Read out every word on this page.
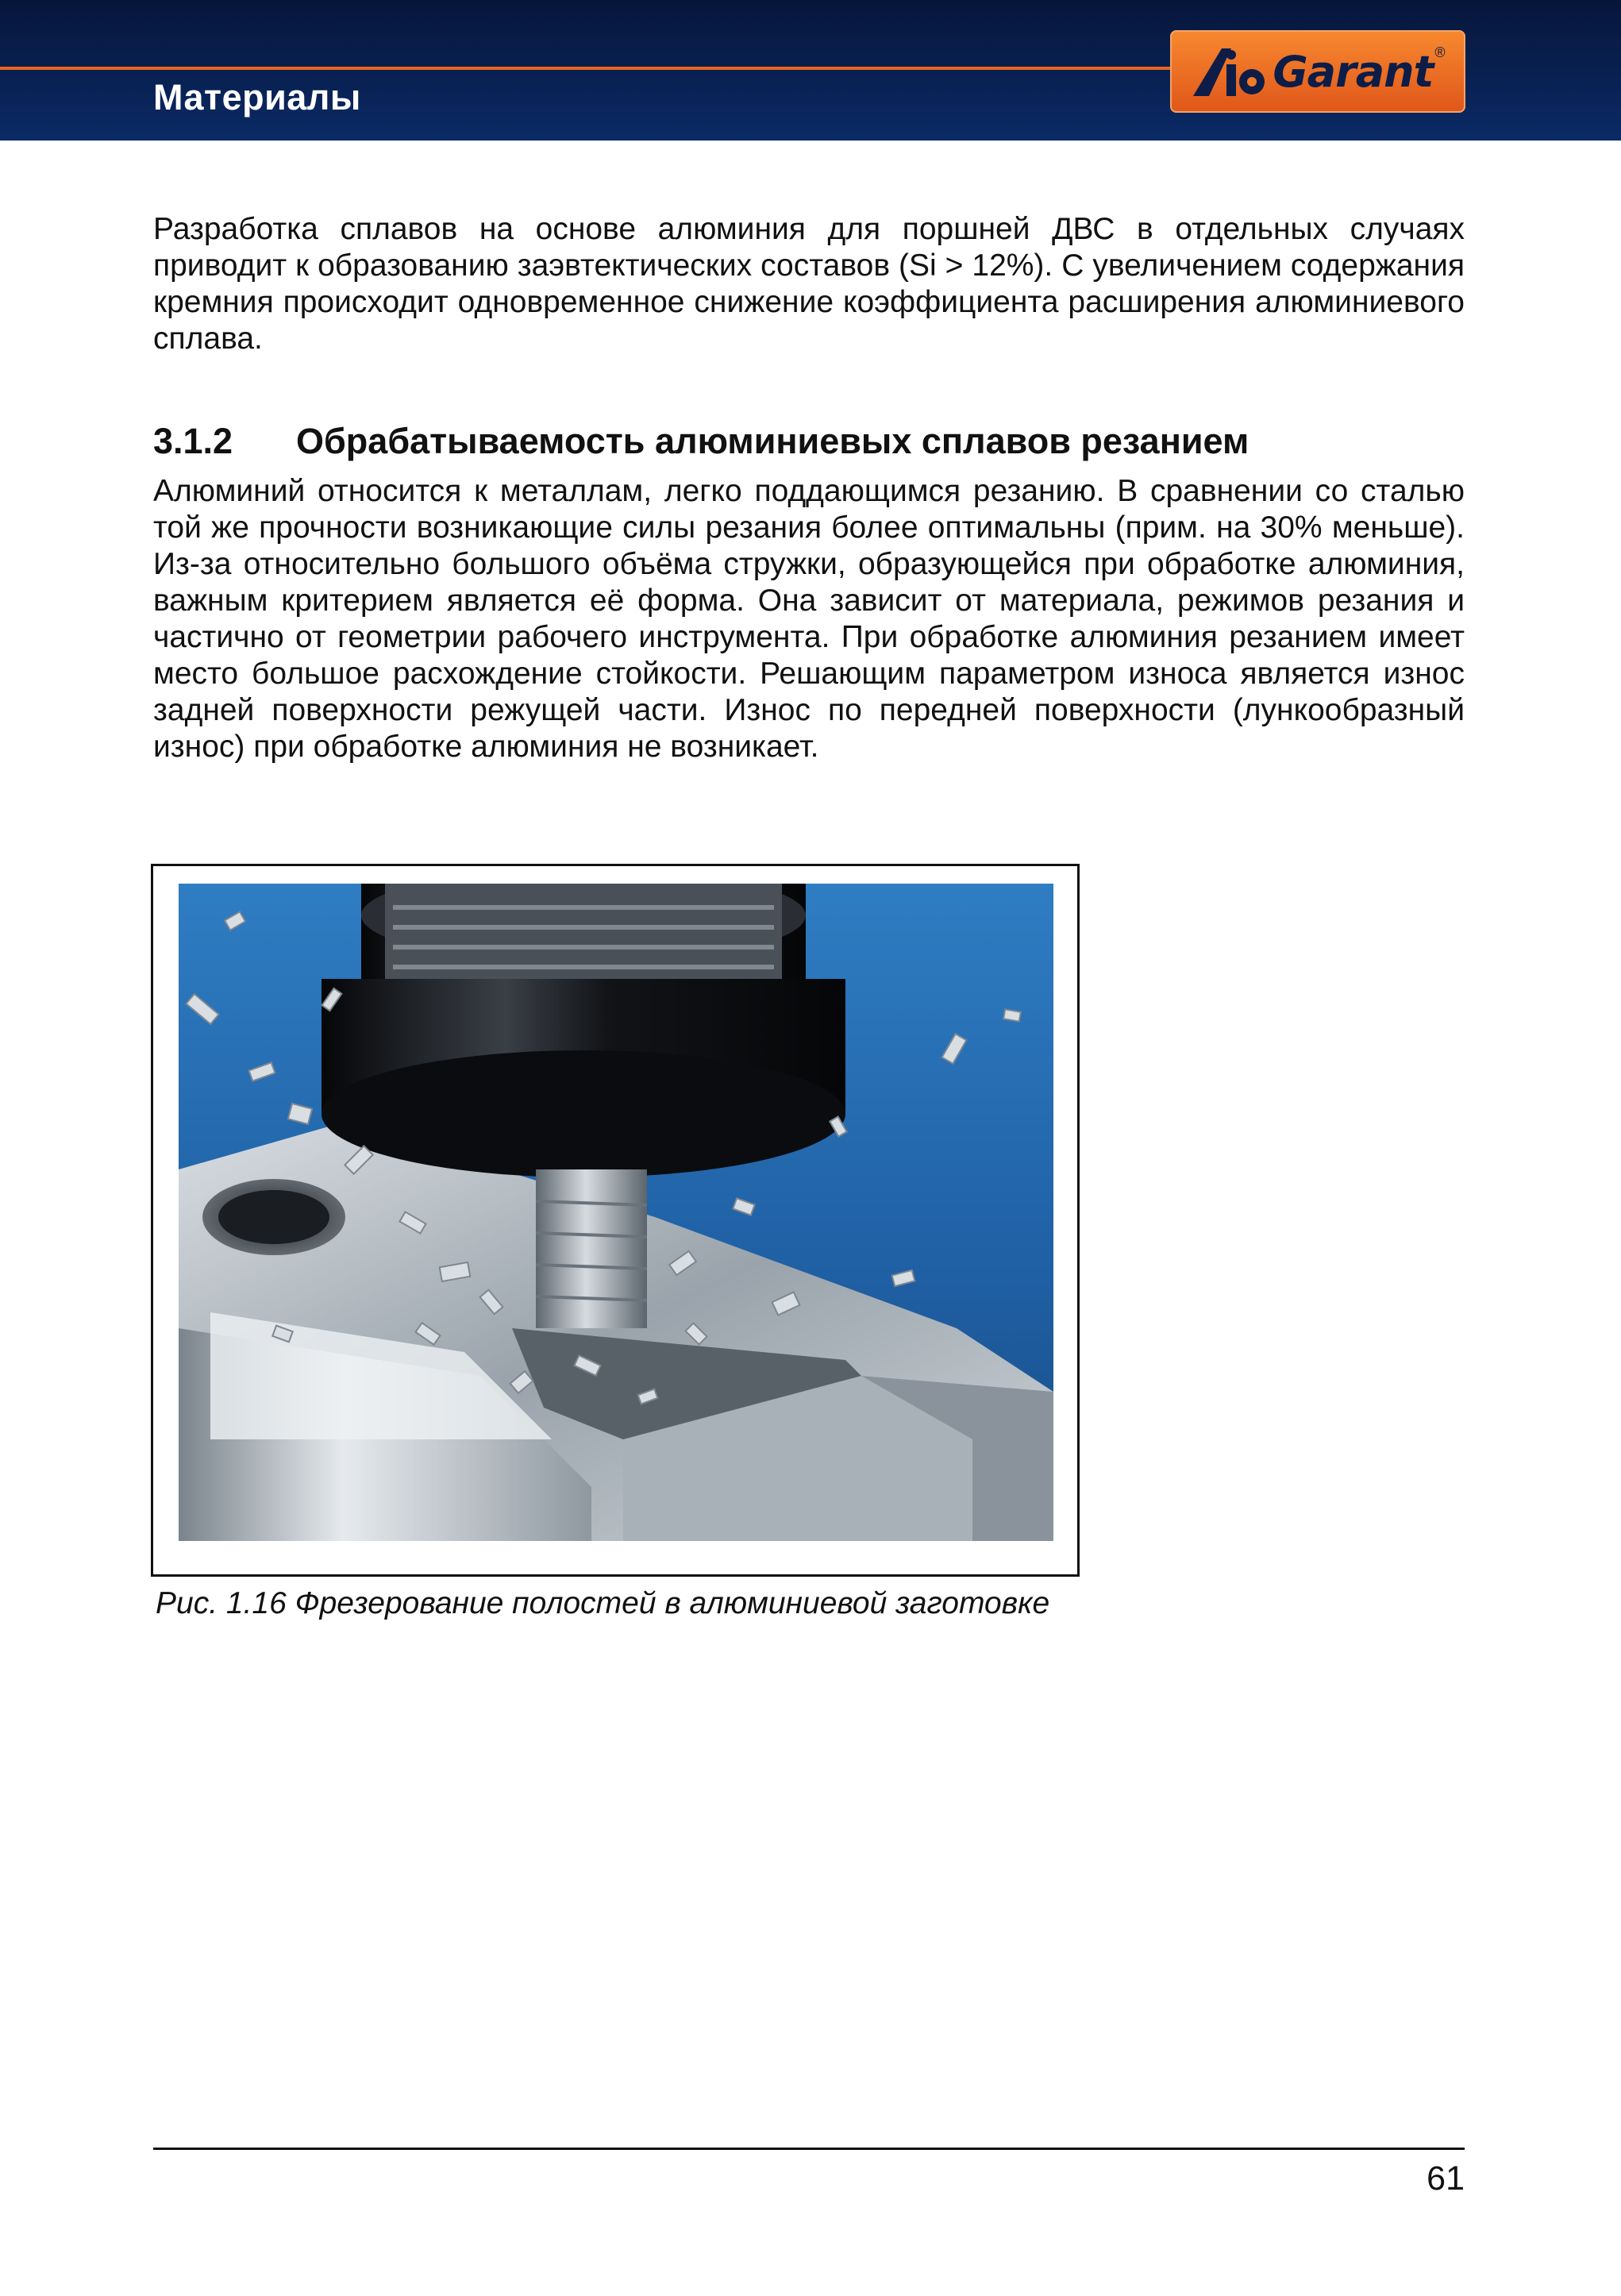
Материалы
Garant ®

Разработка сплавов на основе алюминия для поршней ДВС в отдельных случаях приводит к образованию заэвтектических составов (Si > 12%). С увеличением содержания кремния происходит одновременное снижение коэффициента расширения алюминиевого сплава.

3.1.2 Обрабатываемость алюминиевых сплавов резанием

Алюминий относится к металлам, легко поддающимся резанию. В сравнении со сталью той же прочности возникающие силы резания более оптимальны (прим. на 30% меньше). Из-за относительно большого объёма стружки, образующейся при обработке алюминия, важным критерием является её форма. Она зависит от материала, режимов резания и частично от геометрии рабочего инструмента. При обработке алюминия резанием имеет место большое расхождение стойкости. Решающим параметром износа является износ задней поверхности режущей части. Износ по передней поверхности (лункообразный износ) при обработке алюминия не возникает.

Рис. 1.16 Фрезерование полостей в алюминиевой заготовке
61
